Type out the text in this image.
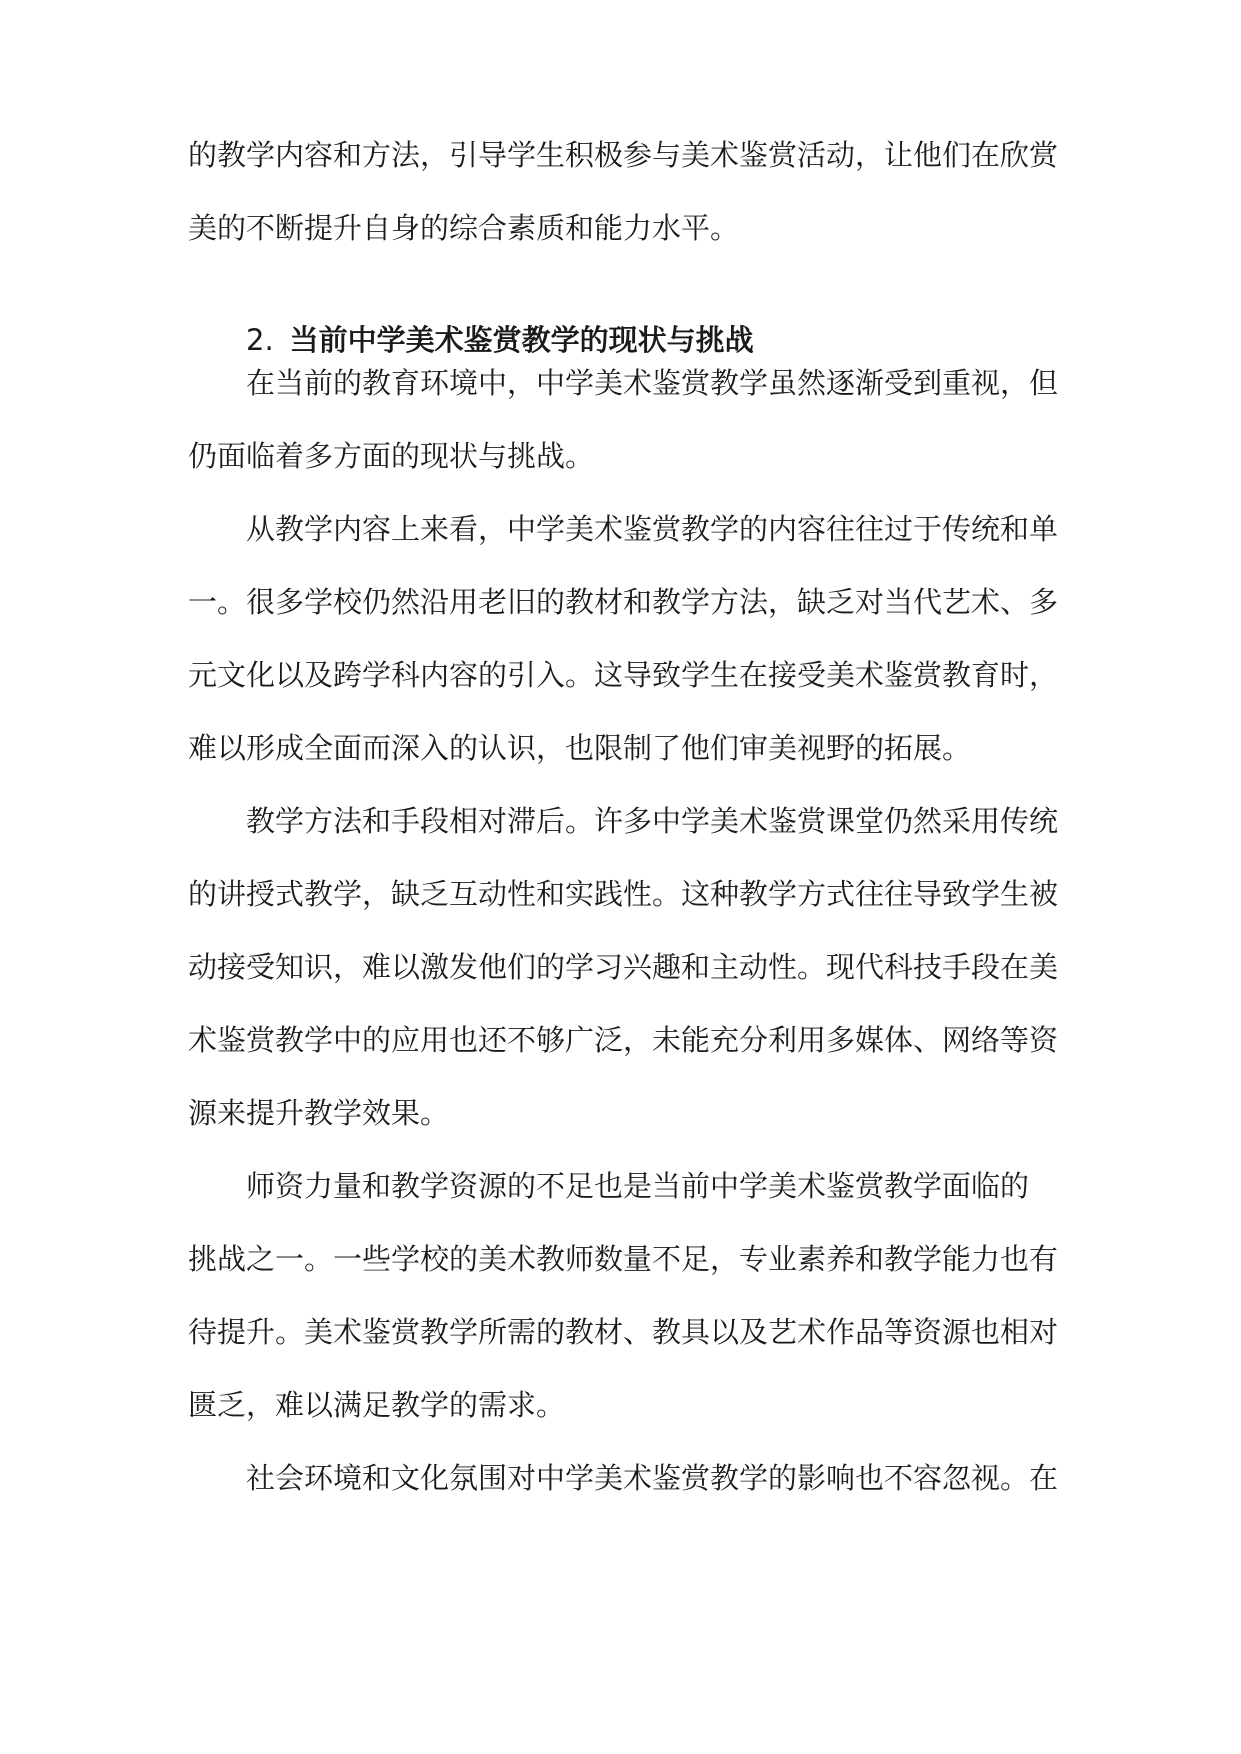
的教学内容和方法，引导学生积极参与美术鉴赏活动，让他们在欣赏
美的不断提升自身的综合素质和能力水平。
2. 当前中学美术鉴赏教学的现状与挑战
在当前的教育环境中，中学美术鉴赏教学虽然逐渐受到重视，但
仍面临着多方面的现状与挑战。
从教学内容上来看，中学美术鉴赏教学的内容往往过于传统和单
一。很多学校仍然沿用老旧的教材和教学方法，缺乏对当代艺术、多
元文化以及跨学科内容的引入。这导致学生在接受美术鉴赏教育时，
难以形成全面而深入的认识，也限制了他们审美视野的拓展。
教学方法和手段相对滞后。许多中学美术鉴赏课堂仍然采用传统
的讲授式教学，缺乏互动性和实践性。这种教学方式往往导致学生被
动接受知识，难以激发他们的学习兴趣和主动性。现代科技手段在美
术鉴赏教学中的应用也还不够广泛，未能充分利用多媒体、网络等资
源来提升教学效果。
师资力量和教学资源的不足也是当前中学美术鉴赏教学面临的
挑战之一。一些学校的美术教师数量不足，专业素养和教学能力也有
待提升。美术鉴赏教学所需的教材、教具以及艺术作品等资源也相对
匮乏，难以满足教学的需求。
社会环境和文化氛围对中学美术鉴赏教学的影响也不容忽视。在
